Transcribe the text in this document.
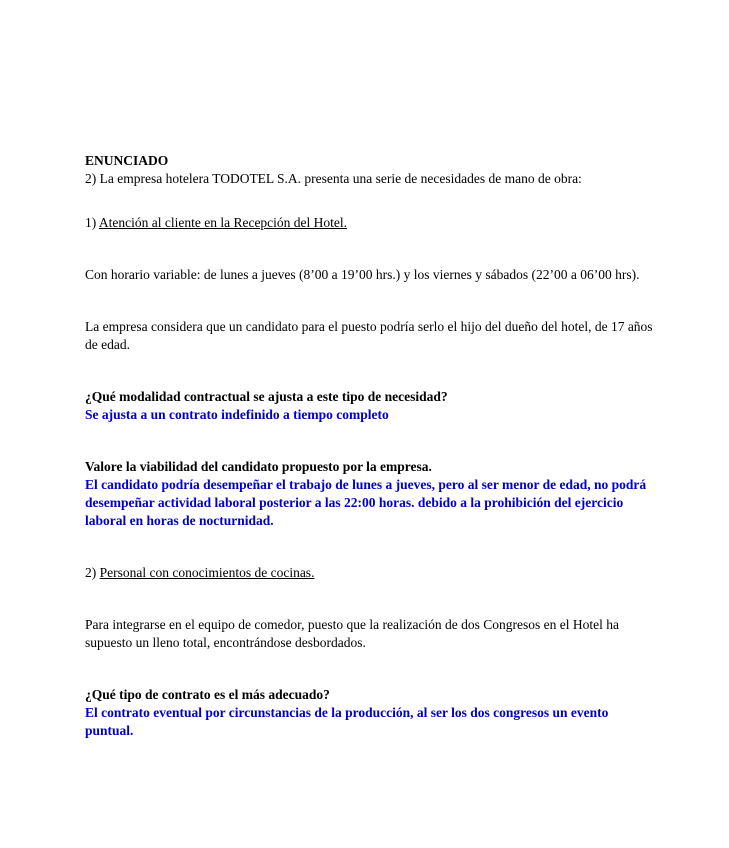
ENUNCIADO

2) La empresa hotelera TODOTEL S.A. presenta una serie de necesidades de mano de obra:

1) Atención al cliente en la Recepción del Hotel.

Con horario variable: de lunes a jueves (8’00 a 19’00 hrs.) y los viernes y sábados (22’00 a 06’00 hrs).

La empresa considera que un candidato para el puesto podría serlo el hijo del dueño del hotel, de 17 años de edad.

¿Qué modalidad contractual se ajusta a este tipo de necesidad?

Se ajusta a un contrato indefinido a tiempo completo

Valore la viabilidad del candidato propuesto por la empresa.

El candidato podría desempeñar el trabajo de lunes a jueves, pero al ser menor de edad, no podrá desempeñar actividad laboral posterior a las 22:00 horas. debido a la prohibición del ejercicio laboral en horas de nocturnidad.

2) Personal con conocimientos de cocinas.

Para integrarse en el equipo de comedor, puesto que la realización de dos Congresos en el Hotel ha supuesto un lleno total, encontrándose desbordados.

¿Qué tipo de contrato es el más adecuado?

El contrato eventual por circunstancias de la producción, al ser los dos congresos un evento puntual.
